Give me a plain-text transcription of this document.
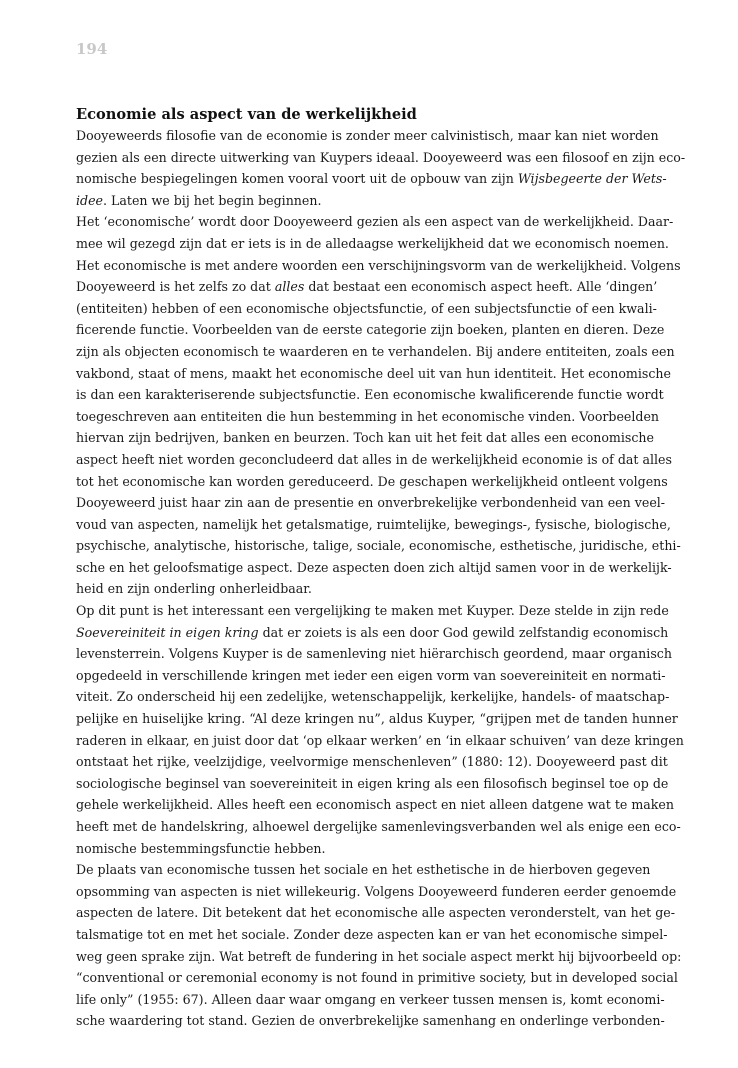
194

Economie als aspect van de werkelijkheid
Dooyeweerds filosofie van de economie is zonder meer calvinistisch, maar kan niet worden
gezien als een directe uitwerking van Kuypers ideaal. Dooyeweerd was een filosoof en zijn eco-
nomische bespiegelingen komen vooral voort uit de opbouw van zijn Wijsbegeerte der Wets-
idee. Laten we bij het begin beginnen.
Het ‘economische’ wordt door Dooyeweerd gezien als een aspect van de werkelijkheid. Daar-
mee wil gezegd zijn dat er iets is in de alledaagse werkelijkheid dat we economisch noemen.
Het economische is met andere woorden een verschijningsvorm van de werkelijkheid. Volgens
Dooyeweerd is het zelfs zo dat alles dat bestaat een economisch aspect heeft. Alle ‘dingen’
(entiteiten) hebben of een economische objectsfunctie, of een subjectsfunctie of een kwali-
ficerende functie. Voorbeelden van de eerste categorie zijn boeken, planten en dieren. Deze
zijn als objecten economisch te waarderen en te verhandelen. Bij andere entiteiten, zoals een
vakbond, staat of mens, maakt het economische deel uit van hun identiteit. Het economische
is dan een karakteriserende subjectsfunctie. Een economische kwalificerende functie wordt
toegeschreven aan entiteiten die hun bestemming in het economische vinden. Voorbeelden
hiervan zijn bedrijven, banken en beurzen. Toch kan uit het feit dat alles een economische
aspect heeft niet worden geconcludeerd dat alles in de werkelijkheid economie is of dat alles
tot het economische kan worden gereduceerd. De geschapen werkelijkheid ontleent volgens
Dooyeweerd juist haar zin aan de presentie en onverbrekelijke verbondenheid van een veel-
voud van aspecten, namelijk het getalsmatige, ruimtelijke, bewegings-, fysische, biologische,
psychische, analytische, historische, talige, sociale, economische, esthetische, juridische, ethi-
sche en het geloofsmatige aspect. Deze aspecten doen zich altijd samen voor in de werkelijk-
heid en zijn onderling onherleidbaar.
Op dit punt is het interessant een vergelijking te maken met Kuyper. Deze stelde in zijn rede
Soevereiniteit in eigen kring dat er zoiets is als een door God gewild zelfstandig economisch
levensterrein. Volgens Kuyper is de samenleving niet hiërarchisch geordend, maar organisch
opgedeeld in verschillende kringen met ieder een eigen vorm van soevereiniteit en normati-
viteit. Zo onderscheid hij een zedelijke, wetenschappelijk, kerkelijke, handels- of maatschap-
pelijke en huiselijke kring. “Al deze kringen nu”, aldus Kuyper, “grijpen met de tanden hunner
raderen in elkaar, en juist door dat ‘op elkaar werken’ en ‘in elkaar schuiven’ van deze kringen
ontstaat het rijke, veelzijdige, veelvormige menschenleven” (1880: 12). Dooyeweerd past dit
sociologische beginsel van soevereiniteit in eigen kring als een filosofisch beginsel toe op de
gehele werkelijkheid. Alles heeft een economisch aspect en niet alleen datgene wat te maken
heeft met de handelskring, alhoewel dergelijke samenlevingsverbanden wel als enige een eco-
nomische bestemmingsfunctie hebben.
De plaats van economische tussen het sociale en het esthetische in de hierboven gegeven
opsomming van aspecten is niet willekeurig. Volgens Dooyeweerd funderen eerder genoemde
aspecten de latere. Dit betekent dat het economische alle aspecten veronderstelt, van het ge-
talsmatige tot en met het sociale. Zonder deze aspecten kan er van het economische simpel-
weg geen sprake zijn. Wat betreft de fundering in het sociale aspect merkt hij bijvoorbeeld op:
“conventional or ceremonial economy is not found in primitive society, but in developed social
life only” (1955: 67). Alleen daar waar omgang en verkeer tussen mensen is, komt economi-
sche waardering tot stand. Gezien de onverbrekelijke samenhang en onderlinge verbonden-
